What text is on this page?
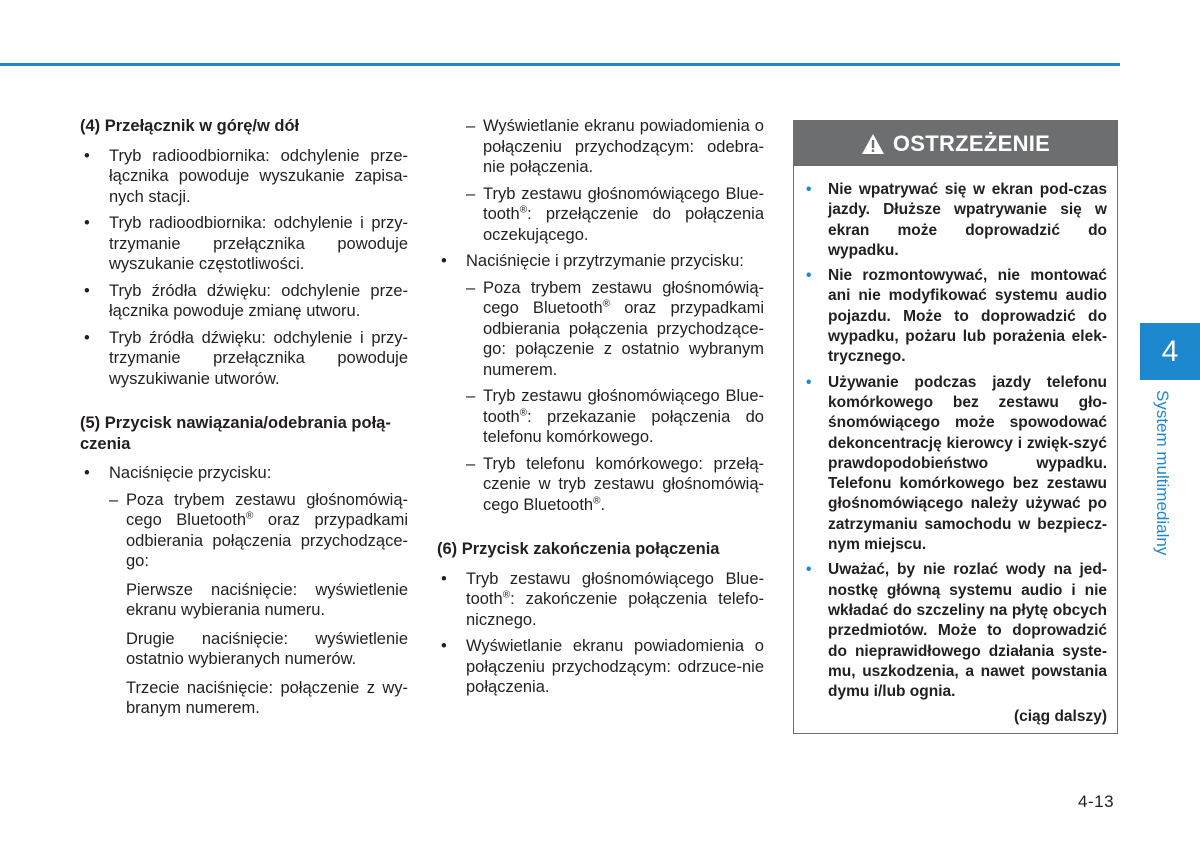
(4) Przełącznik w górę/w dół
• Tryb radioodbiornika: odchylenie prze-łącznika powoduje wyszukanie zapisa-nych stacji.
• Tryb radioodbiornika: odchylenie i przy-trzymanie przełącznika powoduje wyszukanie częstotliwości.
• Tryb źródła dźwięku: odchylenie prze-łącznika powoduje zmianę utworu.
• Tryb źródła dźwięku: odchylenie i przy-trzymanie przełącznika powoduje wyszukiwanie utworów.
(5) Przycisk nawiązania/odebrania połą-czenia
• Naciśnięcie przycisku:
– Poza trybem zestawu głośnomówią-cego Bluetooth® oraz przypadkami odbierania połączenia przychodzące-go:
Pierwsze naciśnięcie: wyświetlenie ekranu wybierania numeru.
Drugie naciśnięcie: wyświetlenie ostatnio wybieranych numerów.
Trzecie naciśnięcie: połączenie z wy-branym numerem.
– Wyświetlanie ekranu powiadomienia o połączeniu przychodzącym: odebra-nie połączenia.
– Tryb zestawu głośnomówiącego Blue-tooth®: przełączenie do połączenia oczekującego.
• Naciśnięcie i przytrzymanie przycisku:
– Poza trybem zestawu głośnomówią-cego Bluetooth® oraz przypadkami odbierania połączenia przychodzące-go: połączenie z ostatnio wybranym numerem.
– Tryb zestawu głośnomówiącego Blue-tooth®: przekazanie połączenia do telefonu komórkowego.
– Tryb telefonu komórkowego: przełą-czenie w tryb zestawu głośnomówią-cego Bluetooth®.
(6) Przycisk zakończenia połączenia
• Tryb zestawu głośnomówiącego Blue-tooth®: zakończenie połączenia telefo-nicznego.
• Wyświetlanie ekranu powiadomienia o połączeniu przychodzącym: odrzuce-nie połączenia.
OSTRZEŻENIE
• Nie wpatrywać się w ekran pod-czas jazdy. Dłuższe wpatrywanie się w ekran może doprowadzić do wypadku.
• Nie rozmontowywać, nie montować ani nie modyfikować systemu audio pojazdu. Może to doprowadzić do wypadku, pożaru lub porażenia elek-trycznego.
• Używanie podczas jazdy telefonu komórkowego bez zestawu gło-śnomówiącego może spowodować dekoncentrację kierowcy i zwięk-szyć prawdopodobieństwo wypadku. Telefonu komórkowego bez zestawu głośnomówiącego należy używać po zatrzymaniu samochodu w bezpiecz-nym miejscu.
• Uważać, by nie rozlać wody na jed-nostkę główną systemu audio i nie wkładać do szczeliny na płytę obcych przedmiotów. Może to doprowadzić do nieprawidłowego działania syste-mu, uszkodzenia, a nawet powstania dymu i/lub ognia.
(ciąg dalszy)
4
System multimedialny
4-13
